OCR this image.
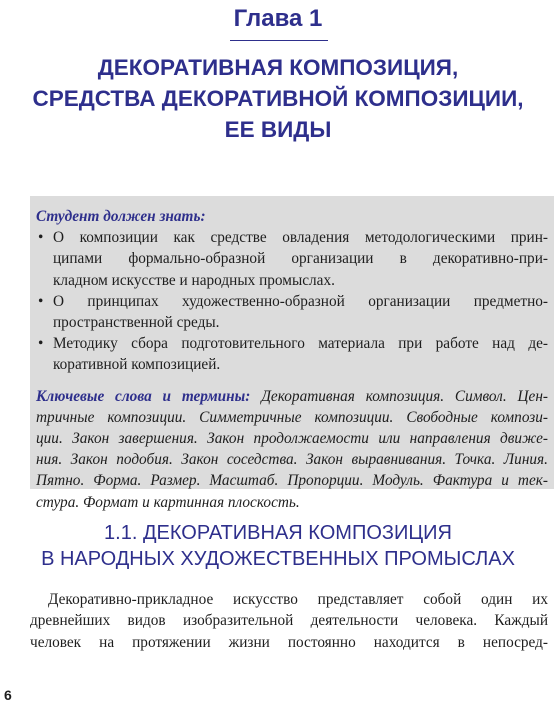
Глава 1
ДЕКОРАТИВНАЯ КОМПОЗИЦИЯ,
СРЕДСТВА ДЕКОРАТИВНОЙ КОМПОЗИЦИИ,
ЕЕ ВИДЫ
Студент должен знать:
• О композиции как средстве овладения методологическими прин-
ципами формально-образной организации в декоративно-при-
кладном искусстве и народных промыслах.
• О принципах художественно-образной организации предметно-
пространственной среды.
• Методику сбора подготовительного материала при работе над де-
коративной композицией.
Ключевые слова и термины: Декоративная композиция. Символ. Цен-
тричные композиции. Симметричные композиции. Свободные компози-
ции. Закон завершения. Закон продолжаемости или направления движе-
ния. Закон подобия. Закон соседства. Закон выравнивания. Точка. Линия.
Пятно. Форма. Размер. Масштаб. Пропорции. Модуль. Фактура и тек-
стура. Формат и картинная плоскость.
1.1. ДЕКОРАТИВНАЯ КОМПОЗИЦИЯ
В НАРОДНЫХ ХУДОЖЕСТВЕННЫХ ПРОМЫСЛАХ
Декоративно-прикладное искусство представляет собой один их
древнейших видов изобразительной деятельности человека. Каждый
человек на протяжении жизни постоянно находится в непосред-
6
